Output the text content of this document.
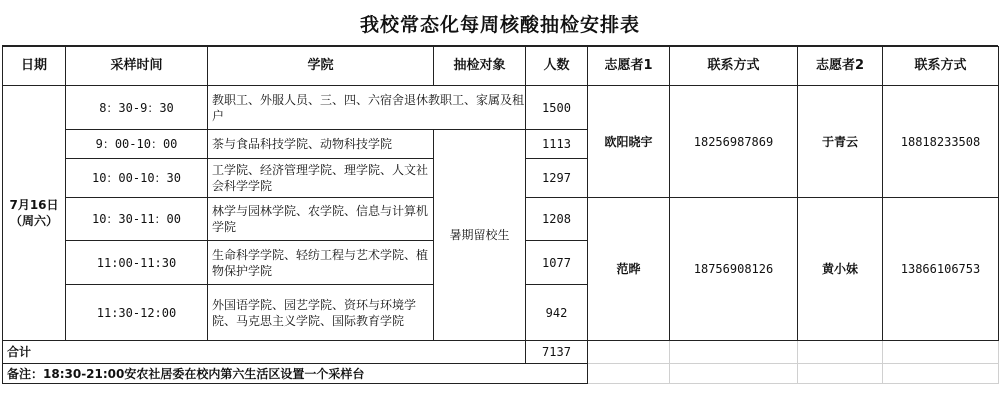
我校常态化每周核酸抽检安排表
日期	采样时间	学院	抽检对象	人数	志愿者1	联系方式	志愿者2	联系方式
7月16日（周六）	8：30-9：30	教职工、外服人员、三、四、六宿舍退休教职工、家属及租户		1500	欧阳晓宇	18256987869	于青云	18818233508
	9：00-10：00	茶与食品科技学院、动物科技学院	暑期留校生	1113				
	10：00-10：30	工学院、经济管理学院、理学院、人文社会科学学院		1297				
	10：30-11：00	林学与园林学院、农学院、信息与计算机学院		1208	范晔	18756908126	黄小妹	13866106753
	11:00-11:30	生命科学学院、轻纺工程与艺术学院、植物保护学院		1077				
	11:30-12:00	外国语学院、园艺学院、资环与环境学院、马克思主义学院、国际教育学院		942				
合计				7137				
备注：18:30-21:00安农社居委在校内第六生活区设置一个采样台								
